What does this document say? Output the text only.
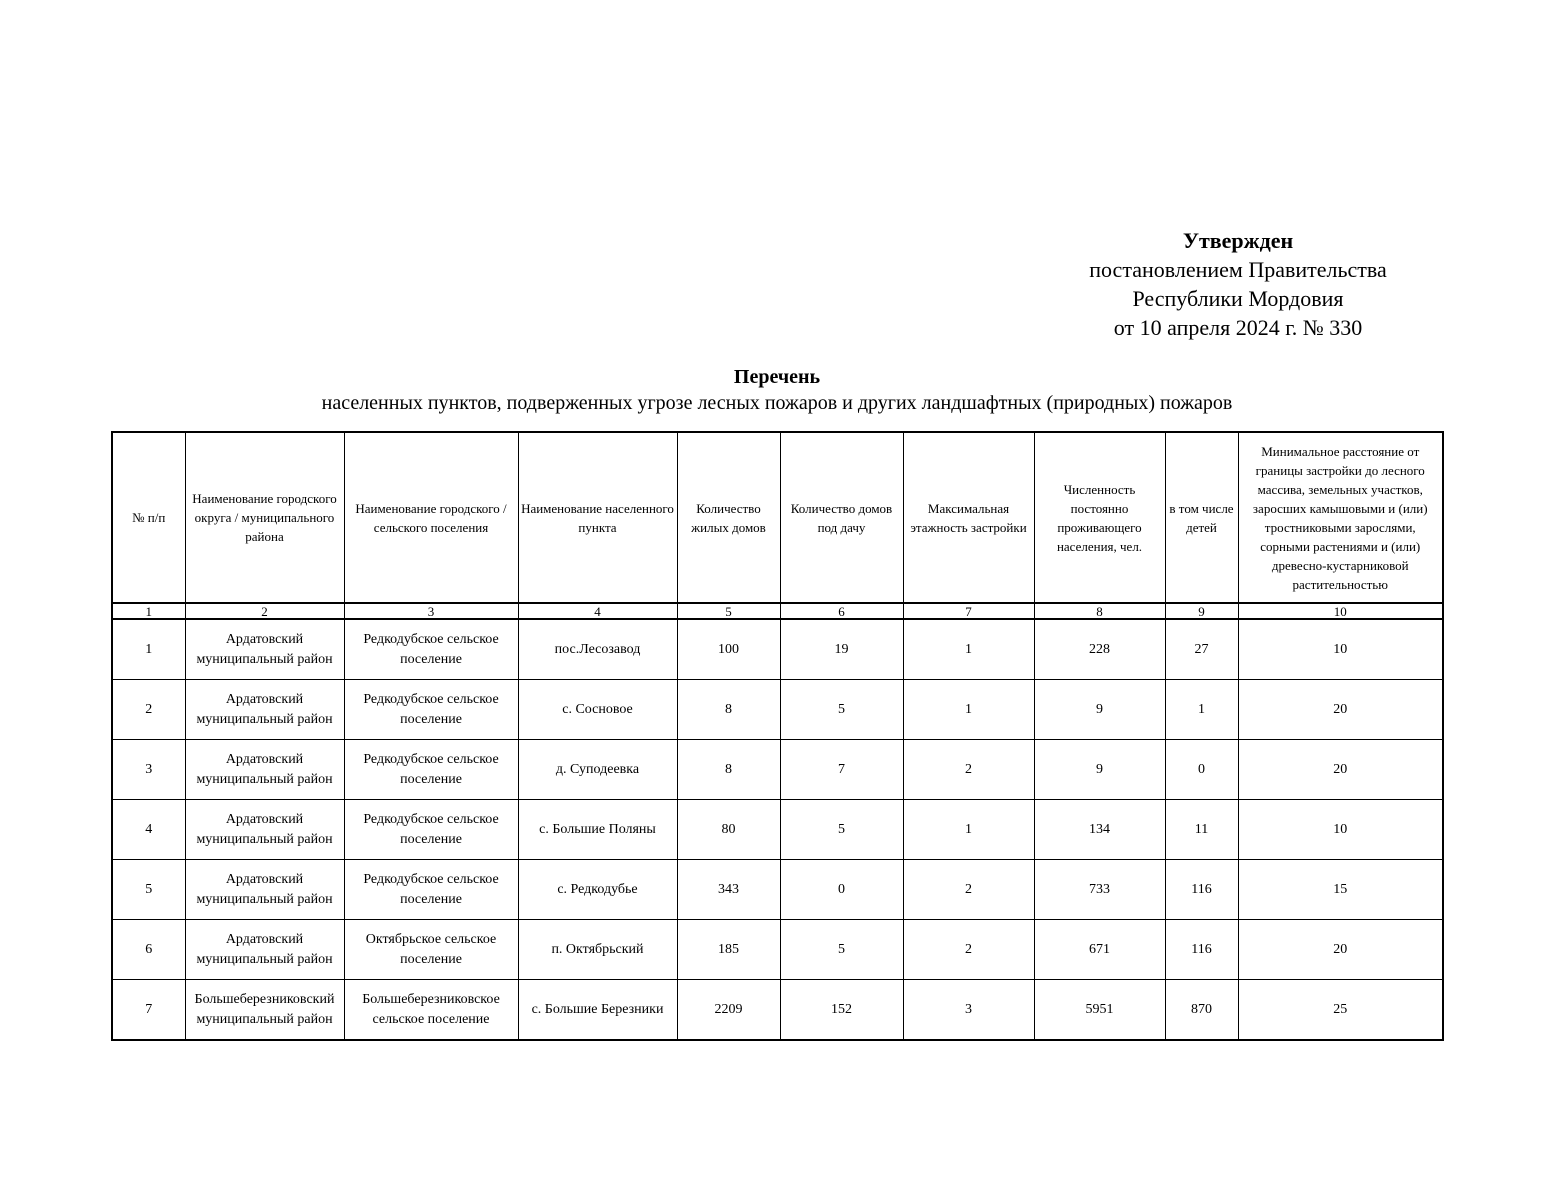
Утвержден
постановлением Правительства
Республики Мордовия
от 10 апреля 2024 г. № 330
Перечень
населенных пунктов, подверженных угрозе лесных пожаров и других ландшафтных (природных) пожаров
№ п/п	Наименование городского округа / муниципального района	Наименование городского / сельского поселения	Наименование населенного пункта	Количество жилых домов	Количество домов под дачу	Максимальная этажность застройки	Численность постоянно проживающего населения, чел.	в том числе детей	Минимальное расстояние от границы застройки до лесного массива, земельных участков, заросших камышовыми и (или) тростниковыми зарослями, сорными растениями и (или) древесно-кустарниковой растительностью
1	2	3	4	5	6	7	8	9	10
1	Ардатовский муниципальный район	Редкодубское сельское поселение	пос.Лесозавод	100	19	1	228	27	10
2	Ардатовский муниципальный район	Редкодубское сельское поселение	с. Сосновое	8	5	1	9	1	20
3	Ардатовский муниципальный район	Редкодубское сельское поселение	д. Суподеевка	8	7	2	9	0	20
4	Ардатовский муниципальный район	Редкодубское сельское поселение	с. Большие Поляны	80	5	1	134	11	10
5	Ардатовский муниципальный район	Редкодубское сельское поселение	с. Редкодубье	343	0	2	733	116	15
6	Ардатовский муниципальный район	Октябрьское сельское поселение	п. Октябрьский	185	5	2	671	116	20
7	Большеберезниковский муниципальный район	Большеберезниковское сельское поселение	с. Большие Березники	2209	152	3	5951	870	25
